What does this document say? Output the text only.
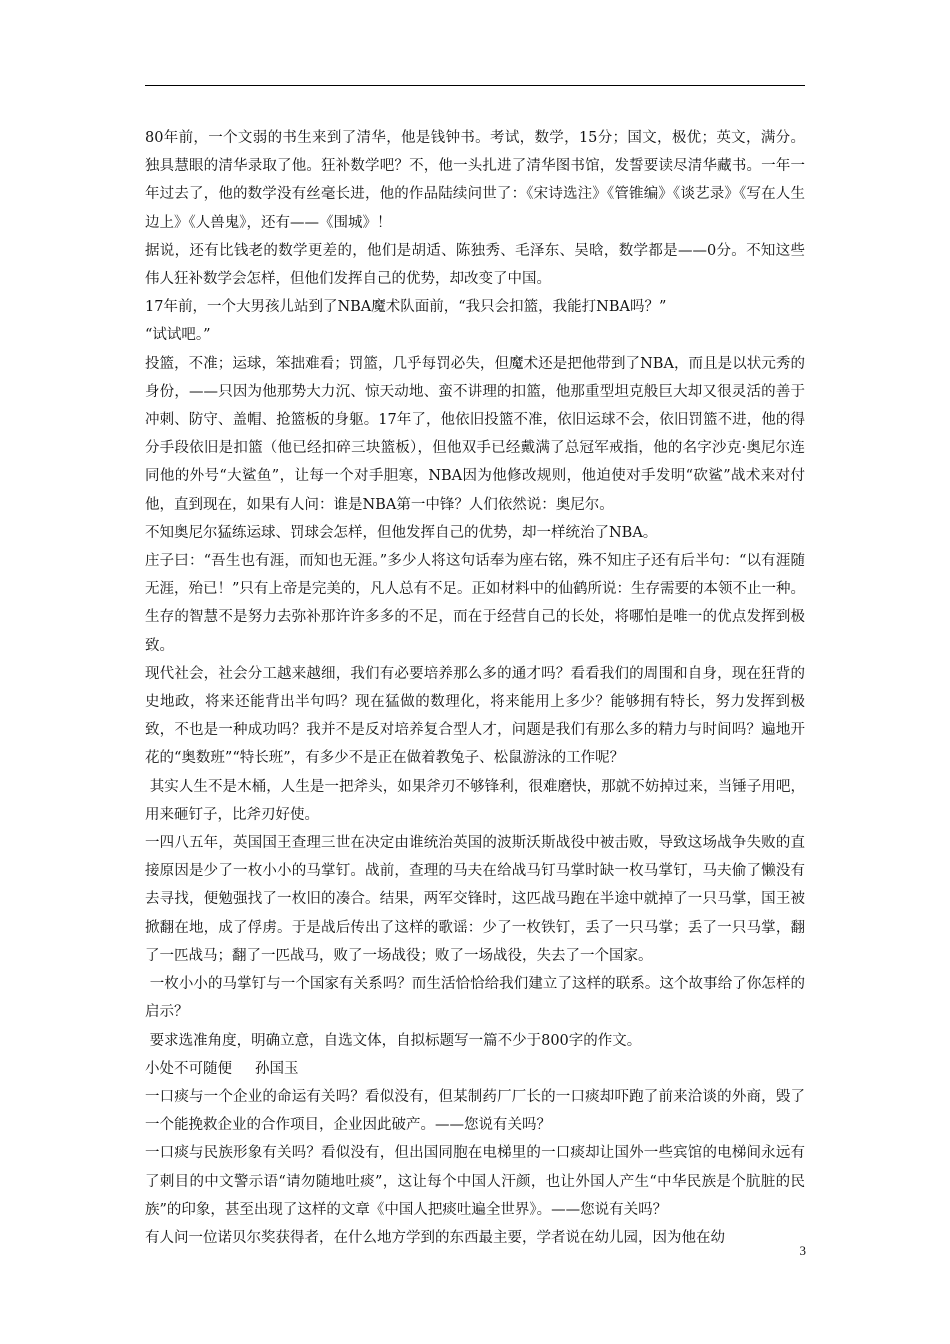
80年前，一个文弱的书生来到了清华，他是钱钟书。考试，数学，15分；国文，极优；英文，满分。独具慧眼的清华录取了他。狂补数学吧？不，他一头扎进了清华图书馆，发誓要读尽清华藏书。一年一年过去了，他的数学没有丝毫长进，他的作品陆续问世了：《宋诗选注》《管锥编》《谈艺录》《写在人生边上》《人兽鬼》，还有——《围城》！

据说，还有比钱老的数学更差的，他们是胡适、陈独秀、毛泽东、吴晗，数学都是——0分。不知这些伟人狂补数学会怎样，但他们发挥自己的优势，却改变了中国。

17年前，一个大男孩儿站到了NBA魔术队面前，“我只会扣篮，我能打NBA吗？”

“试试吧。”

投篮，不准；运球，笨拙难看；罚篮，几乎每罚必失，但魔术还是把他带到了NBA，而且是以状元秀的身份，——只因为他那势大力沉、惊天动地、蛮不讲理的扣篮，他那重型坦克般巨大却又很灵活的善于冲刺、防守、盖帽、抢篮板的身躯。17年了，他依旧投篮不准，依旧运球不会，依旧罚篮不进，他的得分手段依旧是扣篮（他已经扣碎三块篮板），但他双手已经戴满了总冠军戒指，他的名字沙克·奥尼尔连同他的外号“大鲨鱼”，让每一个对手胆寒，NBA因为他修改规则，他迫使对手发明“砍鲨”战术来对付他，直到现在，如果有人问：谁是NBA第一中锋？人们依然说：奥尼尔。

不知奥尼尔猛练运球、罚球会怎样，但他发挥自己的优势，却一样统治了NBA。

庄子曰：“吾生也有涯，而知也无涯。”多少人将这句话奉为座右铭，殊不知庄子还有后半句：“以有涯随无涯，殆已！”只有上帝是完美的，凡人总有不足。正如材料中的仙鹤所说：生存需要的本领不止一种。生存的智慧不是努力去弥补那许许多多的不足，而在于经营自己的长处，将哪怕是唯一的优点发挥到极致。

现代社会，社会分工越来越细，我们有必要培养那么多的通才吗？看看我们的周围和自身，现在狂背的史地政，将来还能背出半句吗？现在猛做的数理化，将来能用上多少？能够拥有特长，努力发挥到极致，不也是一种成功吗？我并不是反对培养复合型人才，问题是我们有那么多的精力与时间吗？遍地开花的“奥数班”“特长班”，有多少不是正在做着教兔子、松鼠游泳的工作呢？

其实人生不是木桶，人生是一把斧头，如果斧刃不够锋利，很难磨快，那就不妨掉过来，当锤子用吧，用来砸钉子，比斧刃好使。

一四八五年，英国国王查理三世在决定由谁统治英国的波斯沃斯战役中被击败，导致这场战争失败的直接原因是少了一枚小小的马掌钉。战前，查理的马夫在给战马钉马掌时缺一枚马掌钉，马夫偷了懒没有去寻找，便勉强找了一枚旧的凑合。结果，两军交锋时，这匹战马跑在半途中就掉了一只马掌，国王被掀翻在地，成了俘虏。于是战后传出了这样的歌谣：少了一枚铁钉，丢了一只马掌；丢了一只马掌，翻了一匹战马；翻了一匹战马，败了一场战役；败了一场战役，失去了一个国家。

一枚小小的马掌钉与一个国家有关系吗？而生活恰恰给我们建立了这样的联系。这个故事给了你怎样的启示？

要求选准角度，明确立意，自选文体，自拟标题写一篇不少于800字的作文。

小处不可随便     孙国玉

一口痰与一个企业的命运有关吗？看似没有，但某制药厂厂长的一口痰却吓跑了前来洽谈的外商，毁了一个能挽救企业的合作项目，企业因此破产。——您说有关吗？

一口痰与民族形象有关吗？看似没有，但出国同胞在电梯里的一口痰却让国外一些宾馆的电梯间永远有了刺目的中文警示语“请勿随地吐痰”，这让每个中国人汗颜，也让外国人产生“中华民族是个肮脏的民族”的印象，甚至出现了这样的文章《中国人把痰吐遍全世界》。——您说有关吗？

有人问一位诺贝尔奖获得者，在什么地方学到的东西最主要，学者说在幼儿园，因为他在幼

3
